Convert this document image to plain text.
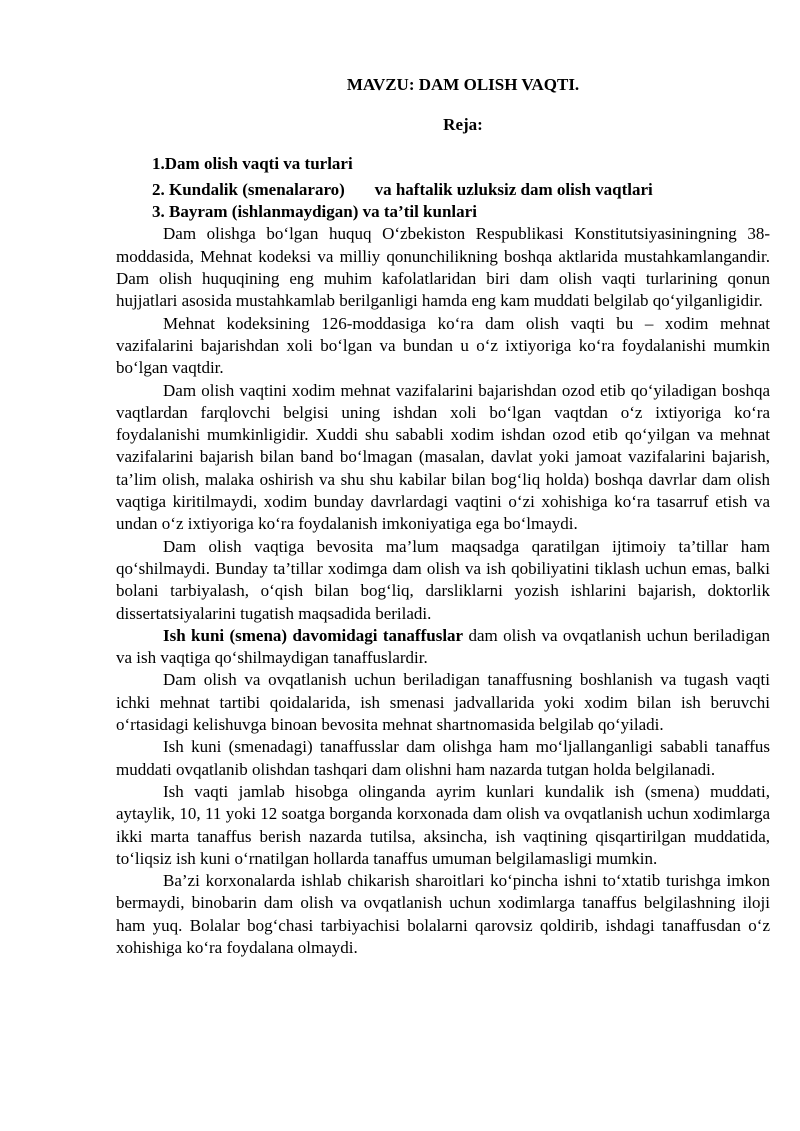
MAVZU: DAM OLISH VAQTI.

Reja:

1.Dam olish vaqti va turlari

2. Kundalik (smenalararo)       va haftalik uzluksiz dam olish vaqtlari

3. Bayram (ishlanmaydigan) va ta’til kunlari

Dam olishga bo‘lgan huquq O‘zbekiston Respublikasi Konstitutsiyasiningning 38-moddasida, Mehnat kodeksi va milliy qonunchilikning boshqa aktlarida mustahkamlangandir. Dam olish huquqining eng muhim kafolatlaridan biri dam olish vaqti turlarining qonun hujjatlari asosida mustahkamlab berilganligi hamda eng kam muddati belgilab qo‘yilganligidir.

Mehnat kodeksining 126-moddasiga ko‘ra dam olish vaqti bu – xodim mehnat vazifalarini bajarishdan xoli bo‘lgan va bundan u o‘z ixtiyoriga ko‘ra foydalanishi mumkin bo‘lgan vaqtdir.

Dam olish vaqtini xodim mehnat vazifalarini bajarishdan ozod etib qo‘yiladigan boshqa vaqtlardan farqlovchi belgisi uning ishdan xoli bo‘lgan vaqtdan o‘z ixtiyoriga ko‘ra foydalanishi mumkinligidir. Xuddi shu sababli xodim ishdan ozod etib qo‘yilgan va mehnat vazifalarini bajarish bilan band bo‘lmagan (masalan, davlat yoki jamoat vazifalarini bajarish, ta’lim olish, malaka oshirish va shu shu kabilar bilan bog‘liq holda) boshqa davrlar dam olish vaqtiga kiritilmaydi, xodim bunday davrlardagi vaqtini o‘zi xohishiga ko‘ra tasarruf etish va undan o‘z ixtiyoriga ko‘ra foydalanish imkoniyatiga ega bo‘lmaydi.

Dam olish vaqtiga bevosita ma’lum maqsadga qaratilgan ijtimoiy ta’tillar ham qo‘shilmaydi. Bunday ta’tillar xodimga dam olish va ish qobiliyatini tiklash uchun emas, balki bolani tarbiyalash, o‘qish bilan bog‘liq, darsliklarni yozish ishlarini bajarish, doktorlik dissertatsiyalarini tugatish maqsadida beriladi.

Ish kuni (smena) davomidagi tanaffuslar dam olish va ovqatlanish uchun beriladigan va ish vaqtiga qo‘shilmaydigan tanaffuslardir.

Dam olish va ovqatlanish uchun beriladigan tanaffusning boshlanish va tugash vaqti ichki mehnat tartibi qoidalarida, ish smenasi jadvallarida yoki xodim bilan ish beruvchi o‘rtasidagi kelishuvga binoan bevosita mehnat shartnomasida belgilab qo‘yiladi.

Ish kuni (smenadagi) tanaffusslar dam olishga ham mo‘ljallanganligi sababli tanaffus muddati ovqatlanib olishdan tashqari dam olishni ham nazarda tutgan holda belgilanadi.

Ish vaqti jamlab hisobga olinganda ayrim kunlari kundalik ish (smena) muddati, aytaylik, 10, 11 yoki 12 soatga borganda korxonada dam olish va ovqatlanish uchun xodimlarga ikki marta tanaffus berish nazarda tutilsa, aksincha, ish vaqtining qisqartirilgan muddatida, to‘liqsiz ish kuni o‘rnatilgan hollarda tanaffus umuman belgilamasligi mumkin.

Ba’zi korxonalarda ishlab chikarish sharoitlari ko‘pincha ishni to‘xtatib turishga imkon bermaydi, binobarin dam olish va ovqatlanish uchun xodimlarga tanaffus belgilashning iloji ham yuq. Bolalar bog‘chasi tarbiyachisi bolalarni qarovsiz qoldirib, ishdagi tanaffusdan o‘z xohishiga ko‘ra foydalana olmaydi.
